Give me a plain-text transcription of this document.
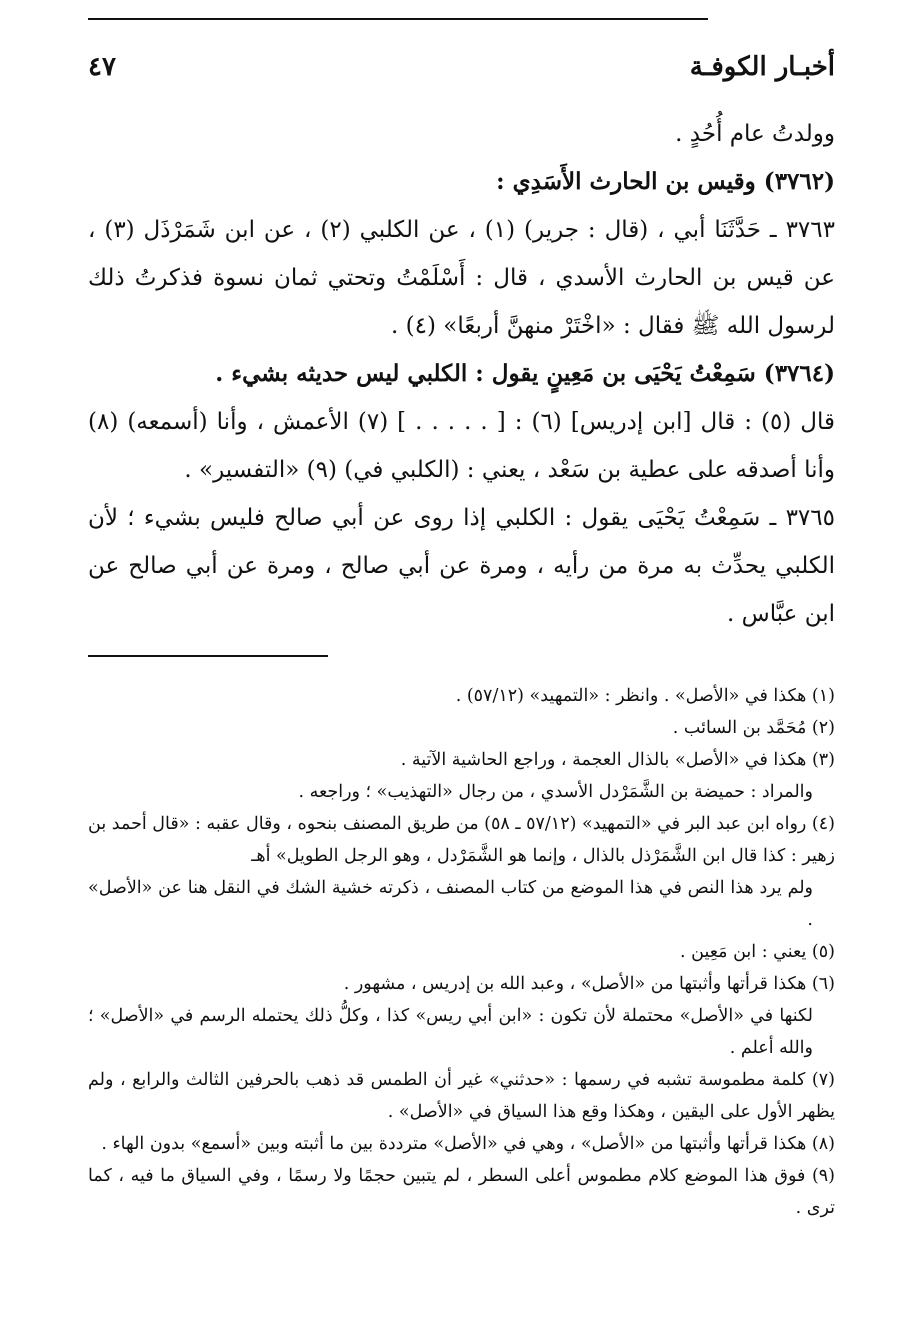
أخبـار الكوفـة
٤٧

وولدتُ عام أُحُدٍ .

(٣٧٦٢) وقيس بن الحارث الأَسَدِي :

٣٧٦٣ ـ حَدَّثَنَا أبي ، (قال : جرير) (١) ، عن الكلبي (٢) ، عن ابن شَمَرْذَل (٣) ، عن قيس بن الحارث الأسدي ، قال : أَسْلَمْتُ وتحتي ثمان نسوة فذكرتُ ذلك لرسول الله ﷺ فقال : «اخْتَرْ منهنَّ أربعًا» (٤) .

(٣٧٦٤) سَمِعْتُ يَحْيَى بن مَعِينٍ يقول : الكلبي ليس حديثه بشيء .

قال (٥) : قال [ابن إدريس] (٦) : [ . . . . . ] (٧) الأعمش ، وأنا (أسمعه) (٨) وأنا أصدقه على عطية بن سَعْد ، يعني : (الكلبي في) (٩) «التفسير» .

٣٧٦٥ ـ سَمِعْتُ يَحْيَى يقول : الكلبي إذا روى عن أبي صالح فليس بشيء ؛ لأن الكلبي يحدِّث به مرة من رأيه ، ومرة عن أبي صالح ، ومرة عن أبي صالح عن ابن عبَّاس .

(١) هكذا في «الأصل» . وانظر : «التمهيد» (٥٧/١٢) .

(٢) مُحَمَّد بن السائب .

(٣) هكذا في «الأصل» بالذال العجمة ، وراجع الحاشية الآتية .

والمراد : حميضة بن الشَّمَرْدل الأسدي ، من رجال «التهذيب» ؛ وراجعه .

(٤) رواه ابن عبد البر في «التمهيد» (٥٧/١٢ ـ ٥٨) من طريق المصنف بنحوه ، وقال عقبه : «قال أحمد بن زهير : كذا قال ابن الشَّمَرْذل بالذال ، وإنما هو الشَّمَرْدل ، وهو الرجل الطويل» أهـ

ولم يرد هذا النص في هذا الموضع من كتاب المصنف ، ذكرته خشية الشك في النقل هنا عن «الأصل» .

(٥) يعني : ابن مَعِين .

(٦) هكذا قرأتها وأثبتها من «الأصل» ، وعبد الله بن إدريس ، مشهور .

لكنها في «الأصل» محتملة لأن تكون : «ابن أبي ريس» كذا ، وكلُّ ذلك يحتمله الرسم في «الأصل» ؛ والله أعلم .

(٧) كلمة مطموسة تشبه في رسمها : «حدثني» غير أن الطمس قد ذهب بالحرفين الثالث والرابع ، ولم يظهر الأول على اليقين ، وهكذا وقع هذا السياق في «الأصل» .

(٨) هكذا قرأتها وأثبتها من «الأصل» ، وهي في «الأصل» مترددة بين ما أثبته وبين «أسمع» بدون الهاء .

(٩) فوق هذا الموضع كلام مطموس أعلى السطر ، لم يتبين حجمًا ولا رسمًا ، وفي السياق ما فيه ، كما ترى .
